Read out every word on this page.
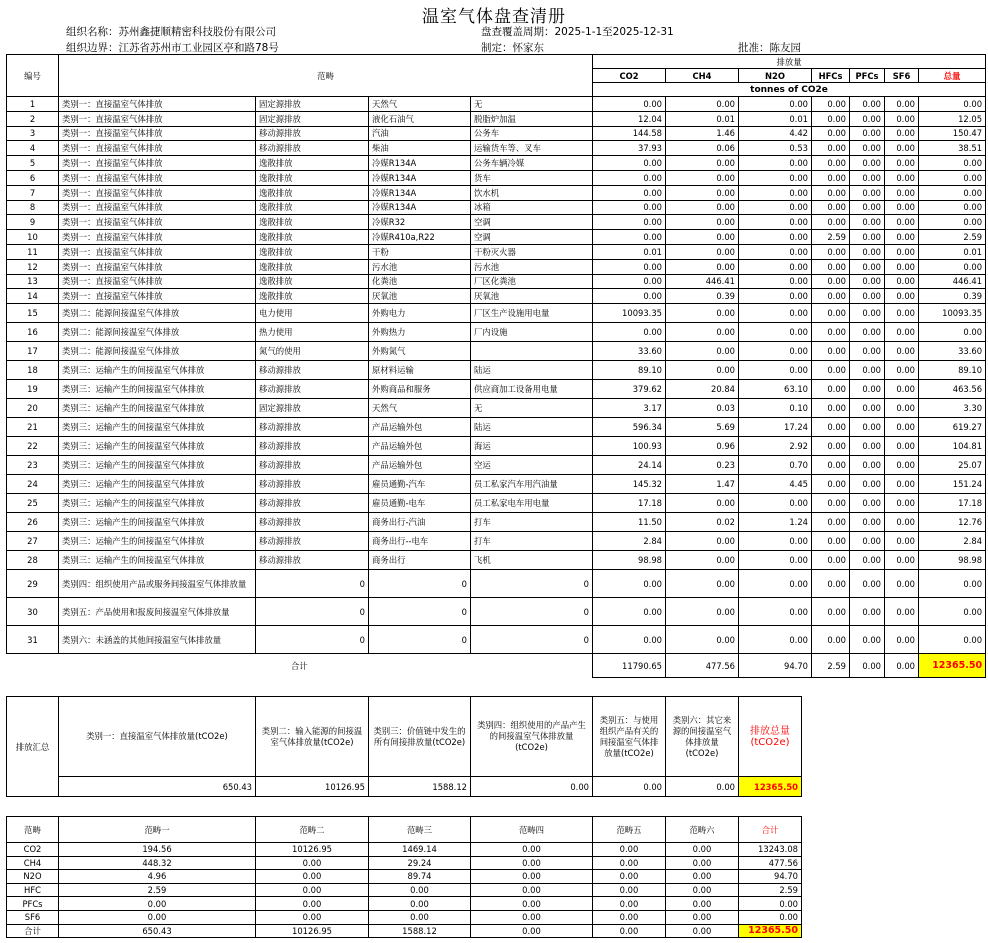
温室气体盘查清册
组织名称：苏州鑫捷顺精密科技股份有限公司
组织边界：江苏省苏州市工业园区亭和路78号
盘查覆盖周期：2025-1-1至2025-12-31
制定：怀家东	批准：陈友园
编号	范畴				排放量						
					CO2	CH4	N2O	HFCs	PFCs	SF6	总量
					tonnes of CO2e						
1	类别一：直接温室气体排放	固定源排放	天然气	无	0.00	0.00	0.00	0.00	0.00	0.00	0.00
2	类别一：直接温室气体排放	固定源排放	液化石油气	脱脂炉加温	12.04	0.01	0.01	0.00	0.00	0.00	12.05
3	类别一：直接温室气体排放	移动源排放	汽油	公务车	144.58	1.46	4.42	0.00	0.00	0.00	150.47
4	类别一：直接温室气体排放	移动源排放	柴油	运输货车等、叉车	37.93	0.06	0.53	0.00	0.00	0.00	38.51
5	类别一：直接温室气体排放	逸散排放	冷媒R134A	公务车辆冷媒	0.00	0.00	0.00	0.00	0.00	0.00	0.00
6	类别一：直接温室气体排放	逸散排放	冷媒R134A	货车	0.00	0.00	0.00	0.00	0.00	0.00	0.00
7	类别一：直接温室气体排放	逸散排放	冷媒R134A	饮水机	0.00	0.00	0.00	0.00	0.00	0.00	0.00
8	类别一：直接温室气体排放	逸散排放	冷媒R134A	冰箱	0.00	0.00	0.00	0.00	0.00	0.00	0.00
9	类别一：直接温室气体排放	逸散排放	冷媒R32	空调	0.00	0.00	0.00	0.00	0.00	0.00	0.00
10	类别一：直接温室气体排放	逸散排放	冷媒R410a,R22	空调	0.00	0.00	0.00	2.59	0.00	0.00	2.59
11	类别一：直接温室气体排放	逸散排放	干粉	干粉灭火器	0.01	0.00	0.00	0.00	0.00	0.00	0.01
12	类别一：直接温室气体排放	逸散排放	污水池	污水池	0.00	0.00	0.00	0.00	0.00	0.00	0.00
13	类别一：直接温室气体排放	逸散排放	化粪池	厂区化粪池	0.00	446.41	0.00	0.00	0.00	0.00	446.41
14	类别一：直接温室气体排放	逸散排放	厌氧池	厌氧池	0.00	0.39	0.00	0.00	0.00	0.00	0.39
15	类别二：能源间接温室气体排放	电力使用	外购电力	厂区生产设施用电量	10093.35	0.00	0.00	0.00	0.00	0.00	10093.35
16	类别二：能源间接温室气体排放	热力使用	外购热力	厂内设施	0.00	0.00	0.00	0.00	0.00	0.00	0.00
17	类别二：能源间接温室气体排放	氮气的使用	外购氮气		33.60	0.00	0.00	0.00	0.00	0.00	33.60
18	类别三：运输产生的间接温室气体排放	移动源排放	原材料运输	陆运	89.10	0.00	0.00	0.00	0.00	0.00	89.10
19	类别三：运输产生的间接温室气体排放	移动源排放	外购商品和服务	供应商加工设备用电量	379.62	20.84	63.10	0.00	0.00	0.00	463.56
20	类别三：运输产生的间接温室气体排放	固定源排放	天然气	无	3.17	0.03	0.10	0.00	0.00	0.00	3.30
21	类别三：运输产生的间接温室气体排放	移动源排放	产品运输外包	陆运	596.34	5.69	17.24	0.00	0.00	0.00	619.27
22	类别三：运输产生的间接温室气体排放	移动源排放	产品运输外包	海运	100.93	0.96	2.92	0.00	0.00	0.00	104.81
23	类别三：运输产生的间接温室气体排放	移动源排放	产品运输外包	空运	24.14	0.23	0.70	0.00	0.00	0.00	25.07
24	类别三：运输产生的间接温室气体排放	移动源排放	雇员通勤-汽车	员工私家汽车用汽油量	145.32	1.47	4.45	0.00	0.00	0.00	151.24
25	类别三：运输产生的间接温室气体排放	移动源排放	雇员通勤-电车	员工私家电车用电量	17.18	0.00	0.00	0.00	0.00	0.00	17.18
26	类别三：运输产生的间接温室气体排放	移动源排放	商务出行-汽油	打车	11.50	0.02	1.24	0.00	0.00	0.00	12.76
27	类别三：运输产生的间接温室气体排放	移动源排放	商务出行--电车	打车	2.84	0.00	0.00	0.00	0.00	0.00	2.84
28	类别三：运输产生的间接温室气体排放	移动源排放	商务出行	飞机	98.98	0.00	0.00	0.00	0.00	0.00	98.98
29	类别四：组织使用产品或服务间接温室气体排放量	0	0	0	0.00	0.00	0.00	0.00	0.00	0.00	0.00
30	类别五：产品使用和报废间接温室气体排放量	0	0	0	0.00	0.00	0.00	0.00	0.00	0.00	0.00
31	类别六：未涵盖的其他间接温室气体排放量	0	0	0	0.00	0.00	0.00	0.00	0.00	0.00	0.00
合计					11790.65	477.56	94.70	2.59	0.00	0.00	12365.50
排放汇总	类别一：直接温室气体排放量(tCO2e)	类别二：输入能源的间接温室气体排放量(tCO2e)	类别三：价值链中发生的所有间接排放量(tCO2e)	类别四：组织使用的产品产生的间接温室气体排放量(tCO2e)	类别五：与使用组织产品有关的间接温室气体排放量(tCO2e)	类别六：其它来源的间接温室气体排放量(tCO2e)	排放总量(tCO2e)
	650.43	10126.95	1588.12	0.00	0.00	0.00	12365.50
范畴	范畴一	范畴二	范畴三	范畴四	范畴五	范畴六	合计
CO2	194.56	10126.95	1469.14	0.00	0.00	0.00	13243.08
CH4	448.32	0.00	29.24	0.00	0.00	0.00	477.56
N2O	4.96	0.00	89.74	0.00	0.00	0.00	94.70
HFC	2.59	0.00	0.00	0.00	0.00	0.00	2.59
PFCs	0.00	0.00	0.00	0.00	0.00	0.00	0.00
SF6	0.00	0.00	0.00	0.00	0.00	0.00	0.00
合计	650.43	10126.95	1588.12	0.00	0.00	0.00	12365.50
